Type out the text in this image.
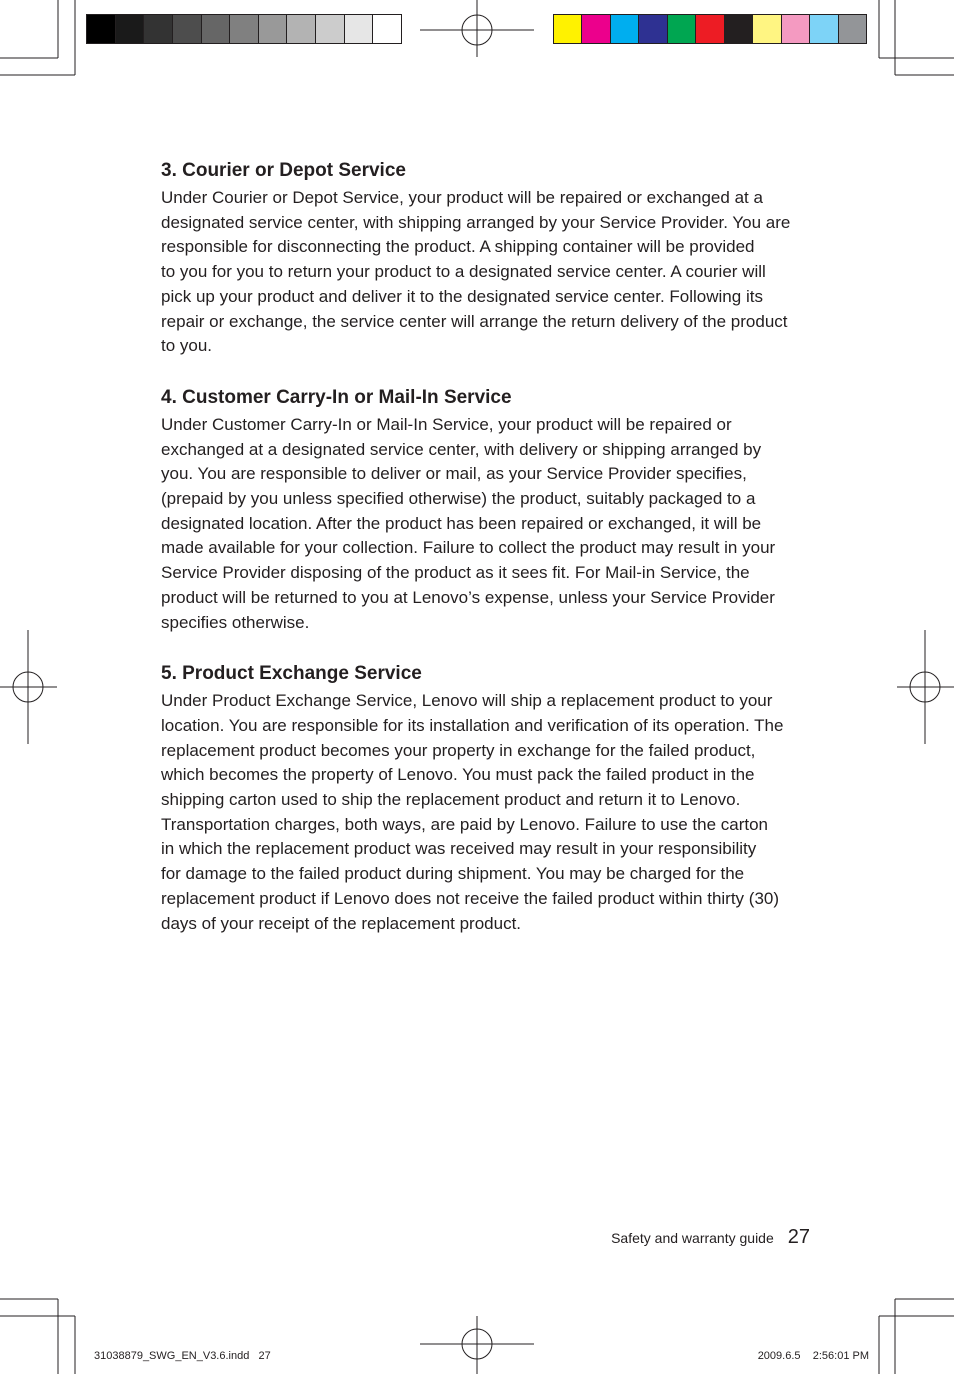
3. Courier or Depot Service

Under Courier or Depot Service, your product will be repaired or exchanged at a
designated service center, with shipping arranged by your Service Provider. You are
responsible for disconnecting the product. A shipping container will be provided
to you for you to return your product to a designated service center. A courier will
pick up your product and deliver it to the designated service center. Following its
repair or exchange, the service center will arrange the return delivery of the product
to you.

4. Customer Carry-In or Mail-In Service

Under Customer Carry-In or Mail-In Service, your product will be repaired or
exchanged at a designated service center, with delivery or shipping arranged by
you. You are responsible to deliver or mail, as your Service Provider specifies,
(prepaid by you unless specified otherwise) the product, suitably packaged to a
designated location. After the product has been repaired or exchanged, it will be
made available for your collection. Failure to collect the product may result in your
Service Provider disposing of the product as it sees fit. For Mail-in Service, the
product will be returned to you at Lenovo’s expense, unless your Service Provider
specifies otherwise.

5. Product Exchange Service

Under Product Exchange Service, Lenovo will ship a replacement product to your
location. You are responsible for its installation and verification of its operation. The
replacement product becomes your property in exchange for the failed product,
which becomes the property of Lenovo. You must pack the failed product in the
shipping carton used to ship the replacement product and return it to Lenovo.
Transportation charges, both ways, are paid by Lenovo. Failure to use the carton
in which the replacement product was received may result in your responsibility
for damage to the failed product during shipment. You may be charged for the
replacement product if Lenovo does not receive the failed product within thirty (30)
days of your receipt of the replacement product.

Safety and warranty guide 27
31038879_SWG_EN_V3.6.indd   27	2009.6.5    2:56:01 PM
